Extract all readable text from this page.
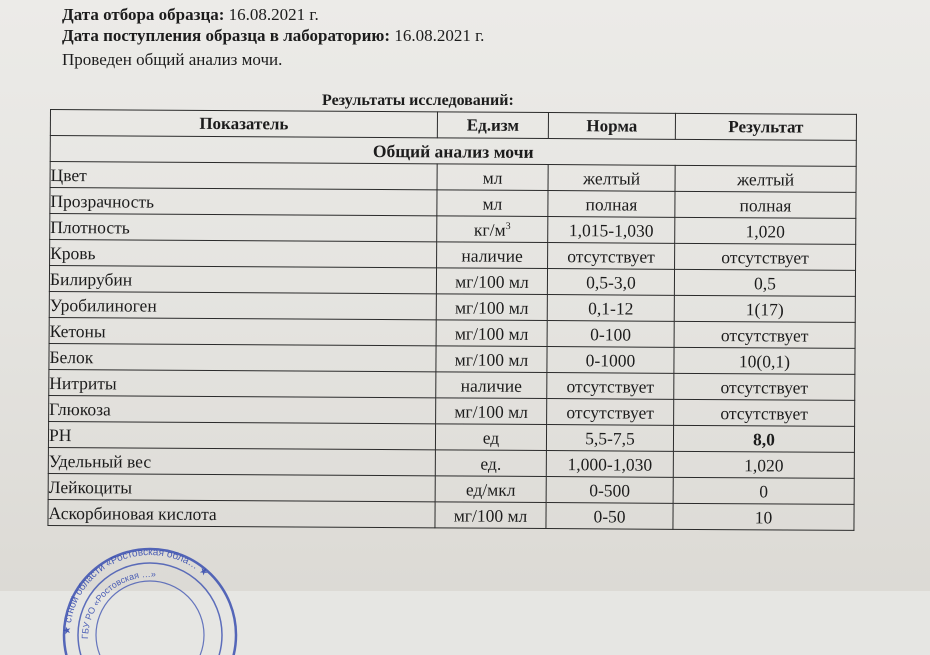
Дата отбора образца: 16.08.2021 г.
Дата поступления образца в лабораторию: 16.08.2021 г.
Проведен общий анализ мочи.
Результаты исследований:
Показатель	Ед.изм	Норма	Результат
Общий анализ мочи			
Цвет	мл	желтый	желтый
Прозрачность	мл	полная	полная
Плотность	$кг/м^3$	1,015-1,030	1,020
Кровь	наличие	отсутствует	отсутствует
Билирубин	мг/100 мл	0,5-3,0	0,5
Уробилиноген	мг/100 мл	0,1-12	1(17)
Кетоны	мг/100 мл	0-100	отсутствует
Белок	мг/100 мл	0-1000	10(0,1)
Нитриты	наличие	отсутствует	отсутствует
Глюкоза	мг/100 мл	отсутствует	отсутствует
PH	ед	5,5-7,5	8,0
Удельный вес	ед.	1,000-1,030	1,020
Лейкоциты	ед/мкл	0-500	0
Аскорбиновая кислота	мг/100 мл	0-50	10
★ стной области «Ростовская обла… ★
ГБУ РО «Ростовская …»
